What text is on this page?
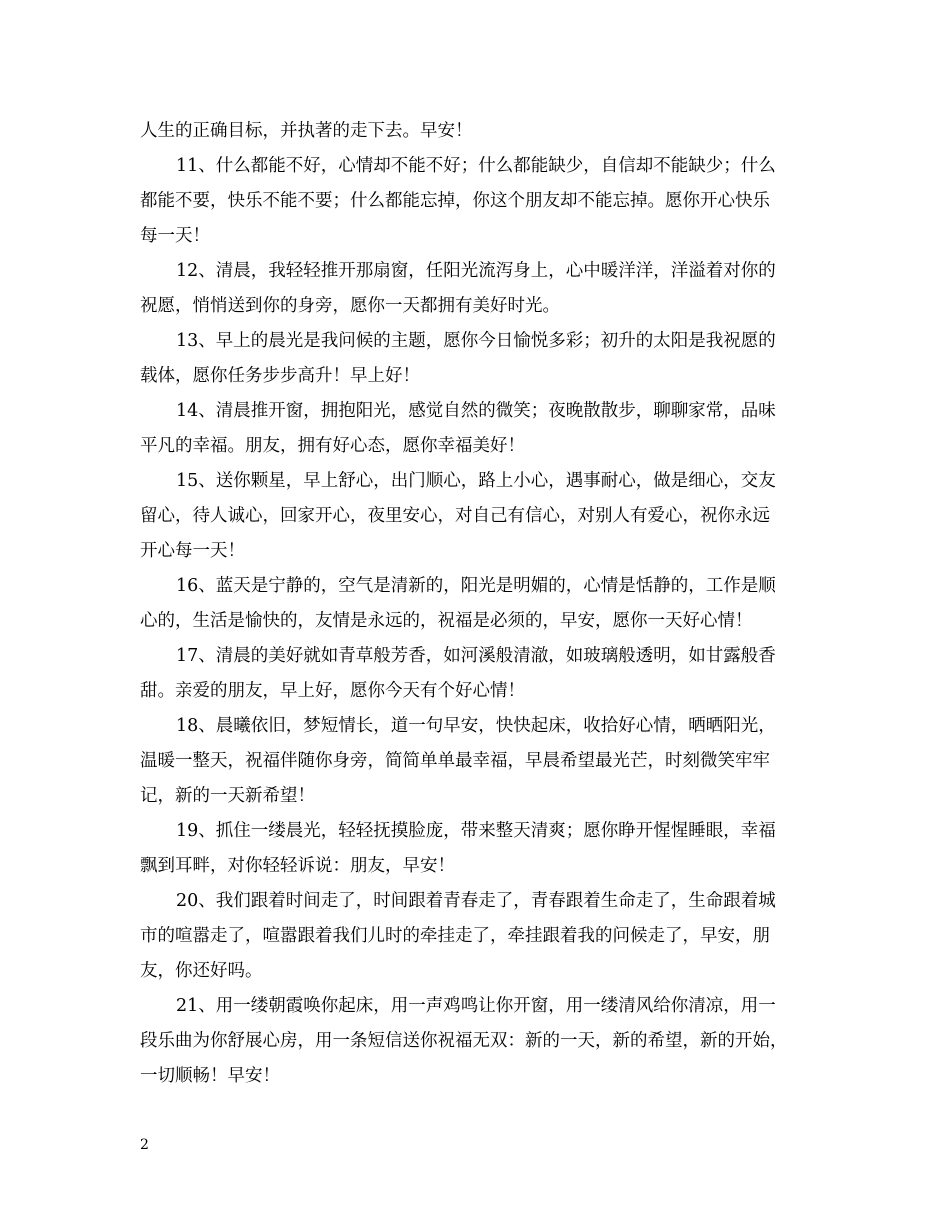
人生的正确目标，并执著的走下去。早安！
11、什么都能不好，心情却不能不好；什么都能缺少，自信却不能缺少；什么
都能不要，快乐不能不要；什么都能忘掉，你这个朋友却不能忘掉。愿你开心快乐
每一天！
12、清晨，我轻轻推开那扇窗，任阳光流泻身上，心中暖洋洋，洋溢着对你的
祝愿，悄悄送到你的身旁，愿你一天都拥有美好时光。
13、早上的晨光是我问候的主题，愿你今日愉悦多彩；初升的太阳是我祝愿的
载体，愿你任务步步高升！早上好！
14、清晨推开窗，拥抱阳光，感觉自然的微笑；夜晚散散步，聊聊家常，品味
平凡的幸福。朋友，拥有好心态，愿你幸福美好！
15、送你颗星，早上舒心，出门顺心，路上小心，遇事耐心，做是细心，交友
留心，待人诚心，回家开心，夜里安心，对自己有信心，对别人有爱心，祝你永远
开心每一天！
16、蓝天是宁静的，空气是清新的，阳光是明媚的，心情是恬静的，工作是顺
心的，生活是愉快的，友情是永远的，祝福是必须的，早安，愿你一天好心情！
17、清晨的美好就如青草般芳香，如河溪般清澈，如玻璃般透明，如甘露般香
甜。亲爱的朋友，早上好，愿你今天有个好心情！
18、晨曦依旧，梦短情长，道一句早安，快快起床，收拾好心情，晒晒阳光，
温暖一整天，祝福伴随你身旁，简简单单最幸福，早晨希望最光芒，时刻微笑牢牢
记，新的一天新希望！
19、抓住一缕晨光，轻轻抚摸脸庞，带来整天清爽；愿你睁开惺惺睡眼，幸福
飘到耳畔，对你轻轻诉说：朋友，早安！
20、我们跟着时间走了，时间跟着青春走了，青春跟着生命走了，生命跟着城
市的喧嚣走了，喧嚣跟着我们儿时的牵挂走了，牵挂跟着我的问候走了，早安，朋
友，你还好吗。
21、用一缕朝霞唤你起床，用一声鸡鸣让你开窗，用一缕清风给你清凉，用一
段乐曲为你舒展心房，用一条短信送你祝福无双：新的一天，新的希望，新的开始，
一切顺畅！早安！
2
